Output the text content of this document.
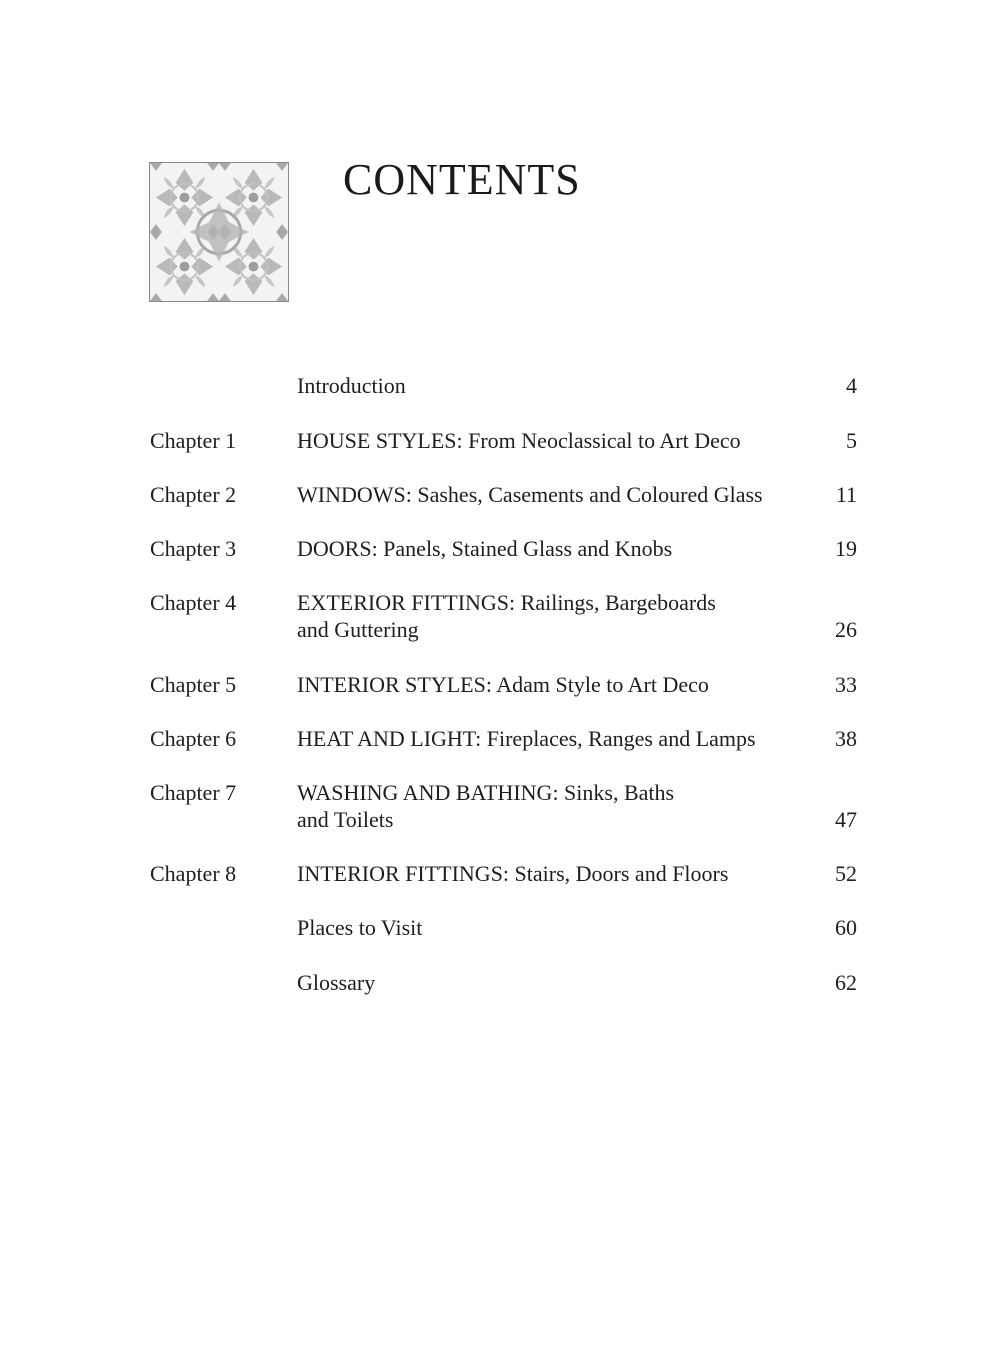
CONTENTS
Introduction	4
Chapter 1	HOUSE STYLES: From Neoclassical to Art Deco	5
Chapter 2	WINDOWS: Sashes, Casements and Coloured Glass	11
Chapter 3	DOORS: Panels, Stained Glass and Knobs	19
Chapter 4	EXTERIOR FITTINGS: Railings, Bargeboards
and Guttering	26
Chapter 5	INTERIOR STYLES: Adam Style to Art Deco	33
Chapter 6	HEAT AND LIGHT: Fireplaces, Ranges and Lamps	38
Chapter 7	WASHING AND BATHING: Sinks, Baths
and Toilets	47
Chapter 8	INTERIOR FITTINGS: Stairs, Doors and Floors	52
Places to Visit	60
Glossary	62
